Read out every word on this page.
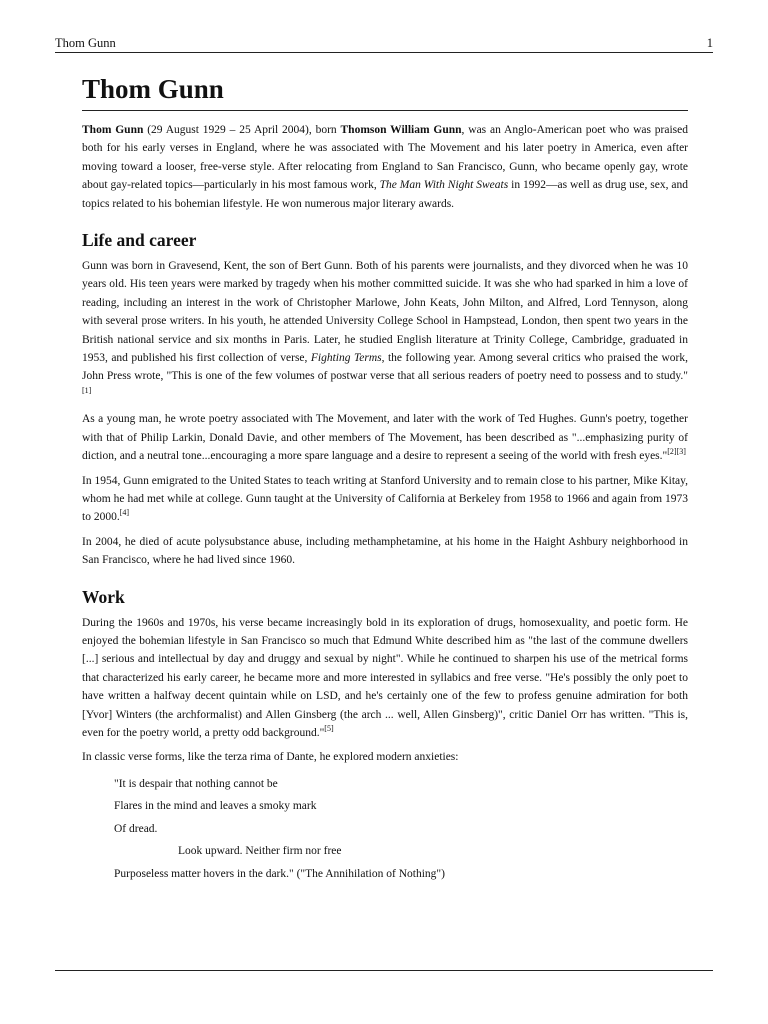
Thom Gunn	1
Thom Gunn

Thom Gunn (29 August 1929 – 25 April 2004), born Thomson William Gunn, was an Anglo-American poet who was praised both for his early verses in England, where he was associated with The Movement and his later poetry in America, even after moving toward a looser, free-verse style. After relocating from England to San Francisco, Gunn, who became openly gay, wrote about gay-related topics—particularly in his most famous work, The Man With Night Sweats in 1992—as well as drug use, sex, and topics related to his bohemian lifestyle. He won numerous major literary awards.

Life and career

Gunn was born in Gravesend, Kent, the son of Bert Gunn. Both of his parents were journalists, and they divorced when he was 10 years old. His teen years were marked by tragedy when his mother committed suicide. It was she who had sparked in him a love of reading, including an interest in the work of Christopher Marlowe, John Keats, John Milton, and Alfred, Lord Tennyson, along with several prose writers. In his youth, he attended University College School in Hampstead, London, then spent two years in the British national service and six months in Paris. Later, he studied English literature at Trinity College, Cambridge, graduated in 1953, and published his first collection of verse, Fighting Terms, the following year. Among several critics who praised the work, John Press wrote, "This is one of the few volumes of postwar verse that all serious readers of poetry need to possess and to study."[1]

As a young man, he wrote poetry associated with The Movement, and later with the work of Ted Hughes. Gunn's poetry, together with that of Philip Larkin, Donald Davie, and other members of The Movement, has been described as "...emphasizing purity of diction, and a neutral tone...encouraging a more spare language and a desire to represent a seeing of the world with fresh eyes."[2][3]

In 1954, Gunn emigrated to the United States to teach writing at Stanford University and to remain close to his partner, Mike Kitay, whom he had met while at college. Gunn taught at the University of California at Berkeley from 1958 to 1966 and again from 1973 to 2000.[4]

In 2004, he died of acute polysubstance abuse, including methamphetamine, at his home in the Haight Ashbury neighborhood in San Francisco, where he had lived since 1960.

Work

During the 1960s and 1970s, his verse became increasingly bold in its exploration of drugs, homosexuality, and poetic form. He enjoyed the bohemian lifestyle in San Francisco so much that Edmund White described him as "the last of the commune dwellers [...] serious and intellectual by day and druggy and sexual by night". While he continued to sharpen his use of the metrical forms that characterized his early career, he became more and more interested in syllabics and free verse. "He's possibly the only poet to have written a halfway decent quintain while on LSD, and he's certainly one of the few to profess genuine admiration for both [Yvor] Winters (the archformalist) and Allen Ginsberg (the arch ... well, Allen Ginsberg)", critic Daniel Orr has written. "This is, even for the poetry world, a pretty odd background."[5]

In classic verse forms, like the terza rima of Dante, he explored modern anxieties:

"It is despair that nothing cannot be
Flares in the mind and leaves a smoky mark
Of dread.
Look upward. Neither firm nor free
Purposeless matter hovers in the dark." ("The Annihilation of Nothing")
